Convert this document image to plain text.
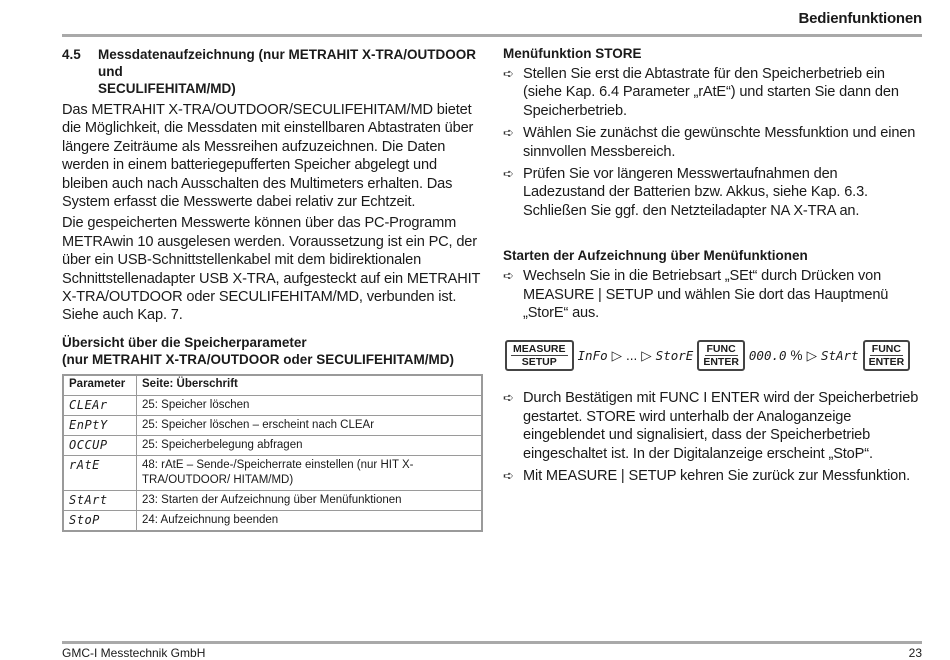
Bedienfunktionen
4.5	Messdatenaufzeichnung (nur METRAHIT X-TRA/OUTDOOR und
SECULIFEHITAM/MD)

Das METRAHIT X-TRA/OUTDOOR/SECULIFEHITAM/MD bietet die Möglichkeit, die Messdaten mit einstellbaren Abtastraten über längere Zeiträume als Messreihen aufzuzeichnen. Die Daten werden in einem batteriegepufferten Speicher abgelegt und bleiben auch nach Ausschalten des Multimeters erhalten. Das System erfasst die Messwerte dabei relativ zur Echtzeit.

Die gespeicherten Messwerte können über das PC-Programm METRAwin 10 ausgelesen werden. Voraussetzung ist ein PC, der über ein USB-Schnittstellenkabel mit dem bidirektionalen Schnittstellenadapter USB X-TRA, aufgesteckt auf ein METRAHIT X-TRA/OUTDOOR oder SECULIFEHITAM/MD, verbunden ist. Siehe auch Kap. 7.

Übersicht über die Speicherparameter
(nur METRAHIT X-TRA/OUTDOOR oder SECULIFEHITAM/MD)
Parameter	Seite: Überschrift
CLEAr	25: Speicher löschen
EnPtY	25: Speicher löschen – erscheint nach CLEAr
OCCUP	25: Speicherbelegung abfragen
rAtE	48: rAtE – Sende-/Speicherrate einstellen (nur HIT X-TRA/OUTDOOR/ HITAM/MD)
StArt	23: Starten der Aufzeichnung über Menüfunktionen
StoP	24: Aufzeichnung beenden
Menüfunktion STORE
➪ Stellen Sie erst die Abtastrate für den Speicherbetrieb ein (siehe Kap. 6.4 Parameter „rAtE“) und starten Sie dann den Speicherbetrieb.
➪ Wählen Sie zunächst die gewünschte Messfunktion und einen sinnvollen Messbereich.
➪ Prüfen Sie vor längeren Messwertaufnahmen den Ladezustand der Batterien bzw. Akkus, siehe Kap. 6.3. Schließen Sie ggf. den Netzteiladapter NA X-TRA an.
Starten der Aufzeichnung über Menüfunktionen
➪ Wechseln Sie in die Betriebsart „SEt“ durch Drücken von MEASURE | SETUP und wählen Sie dort das Hauptmenü „StorE“ aus.
MEASURE
SETUP InFo ▷ ... ▷ StorE FUNC
ENTER 000.0 % ▷ StArt FUNC
ENTER
➪ Durch Bestätigen mit FUNC I ENTER wird der Speicherbetrieb gestartet. STORE wird unterhalb der Analoganzeige eingeblendet und signalisiert, dass der Speicherbetrieb eingeschaltet ist. In der Digitalanzeige erscheint „StoP“.
➪ Mit MEASURE | SETUP kehren Sie zurück zur Messfunktion.
GMC-I Messtechnik GmbH	23
